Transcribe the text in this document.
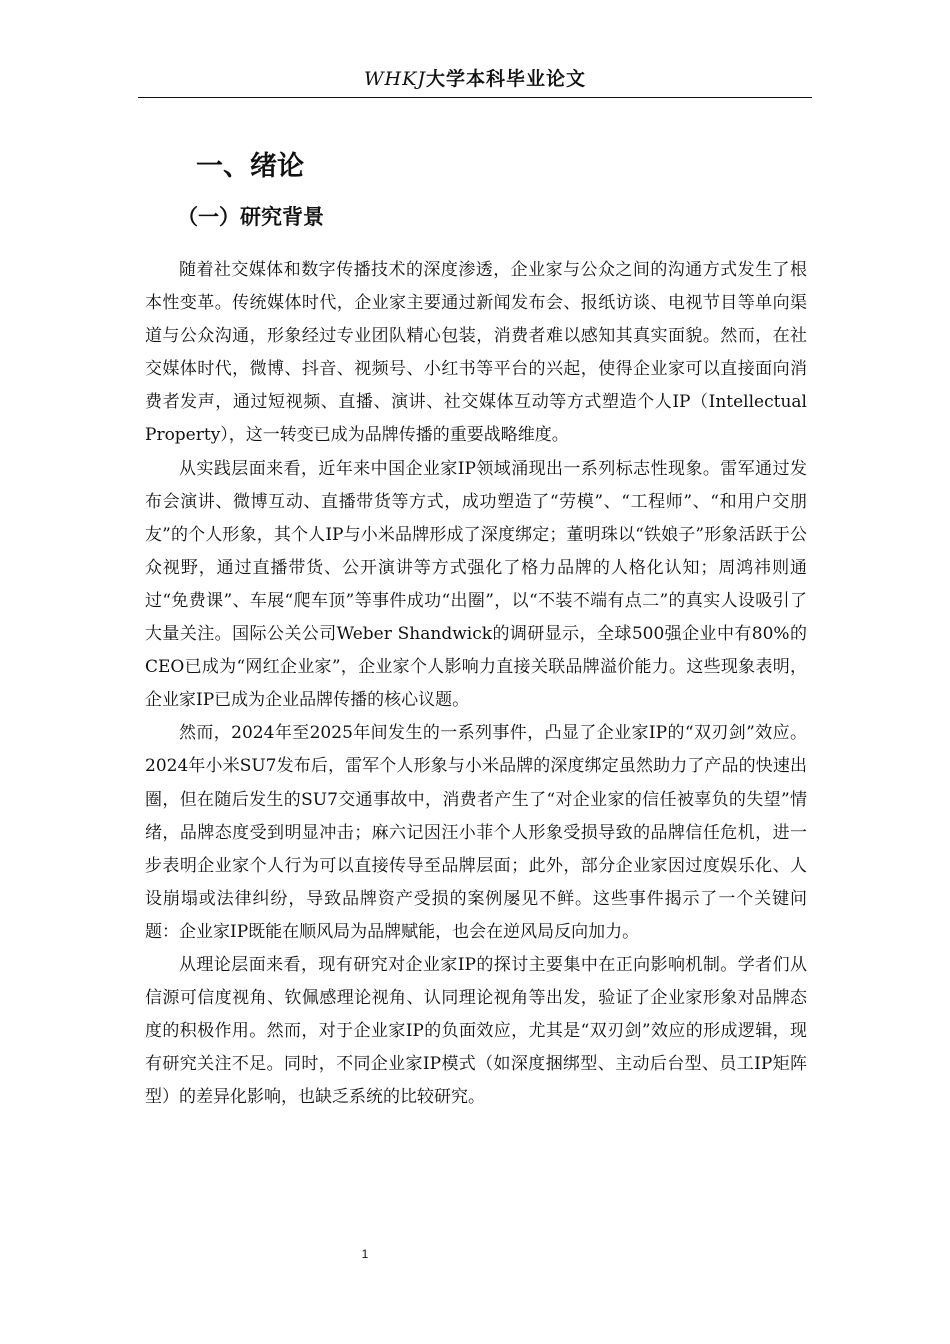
WHKJ大学本科毕业论文
一、绪论
（一）研究背景

随着社交媒体和数字传播技术的深度渗透，企业家与公众之间的沟通方式发生了根本性变革。传统媒体时代，企业家主要通过新闻发布会、报纸访谈、电视节目等单向渠道与公众沟通，形象经过专业团队精心包装，消费者难以感知其真实面貌。然而，在社交媒体时代，微博、抖音、视频号、小红书等平台的兴起，使得企业家可以直接面向消费者发声，通过短视频、直播、演讲、社交媒体互动等方式塑造个人IP（Intellectual Property），这一转变已成为品牌传播的重要战略维度。

从实践层面来看，近年来中国企业家IP领域涌现出一系列标志性现象。雷军通过发布会演讲、微博互动、直播带货等方式，成功塑造了“劳模”、“工程师”、“和用户交朋友”的个人形象，其个人IP与小米品牌形成了深度绑定；董明珠以“铁娘子”形象活跃于公众视野，通过直播带货、公开演讲等方式强化了格力品牌的人格化认知；周鸿祎则通过“免费课”、车展“爬车顶”等事件成功“出圈”，以“不装不端有点二”的真实人设吸引了大量关注。国际公关公司Weber Shandwick的调研显示，全球500强企业中有80%的CEO已成为“网红企业家”，企业家个人影响力直接关联品牌溢价能力。这些现象表明，企业家IP已成为企业品牌传播的核心议题。

然而，2024年至2025年间发生的一系列事件，凸显了企业家IP的“双刃剑”效应。2024年小米SU7发布后，雷军个人形象与小米品牌的深度绑定虽然助力了产品的快速出圈，但在随后发生的SU7交通事故中，消费者产生了“对企业家的信任被辜负的失望”情绪，品牌态度受到明显冲击；麻六记因汪小菲个人形象受损导致的品牌信任危机，进一步表明企业家个人行为可以直接传导至品牌层面；此外，部分企业家因过度娱乐化、人设崩塌或法律纠纷，导致品牌资产受损的案例屡见不鲜。这些事件揭示了一个关键问题：企业家IP既能在顺风局为品牌赋能，也会在逆风局反向加力。

从理论层面来看，现有研究对企业家IP的探讨主要集中在正向影响机制。学者们从信源可信度视角、钦佩感理论视角、认同理论视角等出发，验证了企业家形象对品牌态度的积极作用。然而，对于企业家IP的负面效应，尤其是“双刃剑”效应的形成逻辑，现有研究关注不足。同时，不同企业家IP模式（如深度捆绑型、主动后台型、员工IP矩阵型）的差异化影响，也缺乏系统的比较研究。

1
